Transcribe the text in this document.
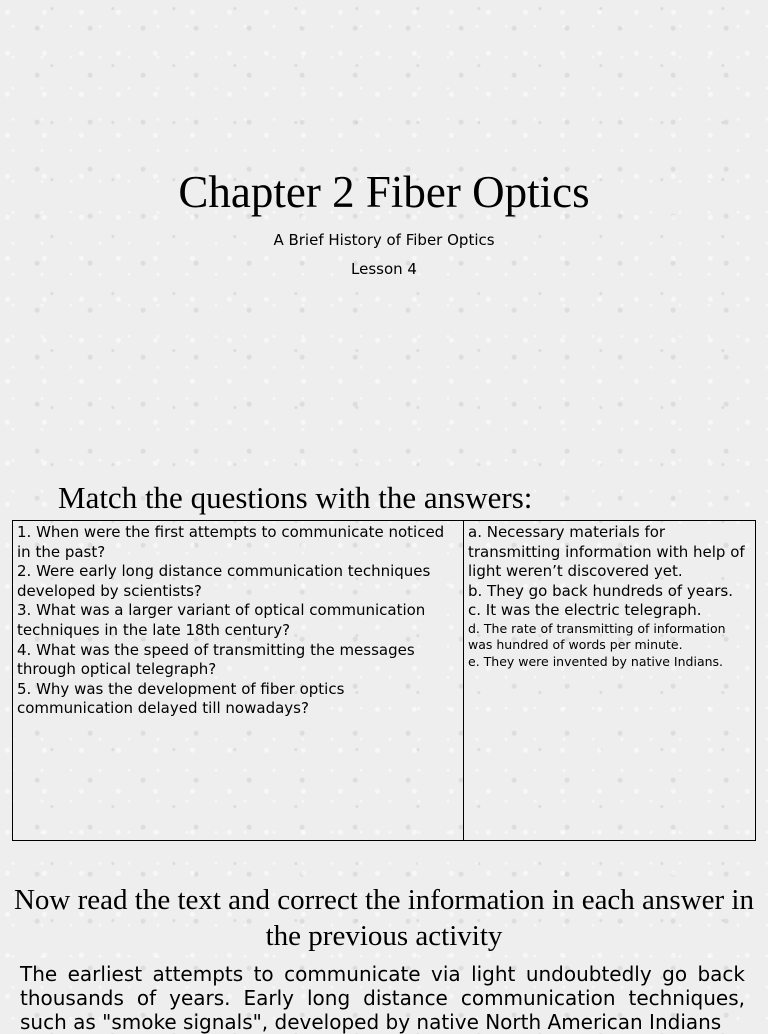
Chapter 2 Fiber Optics
A Brief History of Fiber Optics
Lesson 4
Match the questions with the answers:
1. When were the first attempts to communicate noticed in the past?
2. Were early long distance communication techniques developed by scientists?
3. What was a larger variant of optical communication techniques in the late 18th century?
4. What was the speed of transmitting the messages through optical telegraph?
5. Why was the development of fiber optics communication delayed till nowadays?

a. Necessary materials for transmitting information with help of light weren’t discovered yet.
b. They go back hundreds of years.
c. It was the electric telegraph.
d. The rate of transmitting of information was hundred of words per minute.
e. They were invented by native Indians.
Now read the text and correct the information in each answer in the previous activity

The earliest attempts to communicate via light undoubtedly go back thousands of years. Early long distance communication techniques, such as "smoke signals", developed by native North American Indians
